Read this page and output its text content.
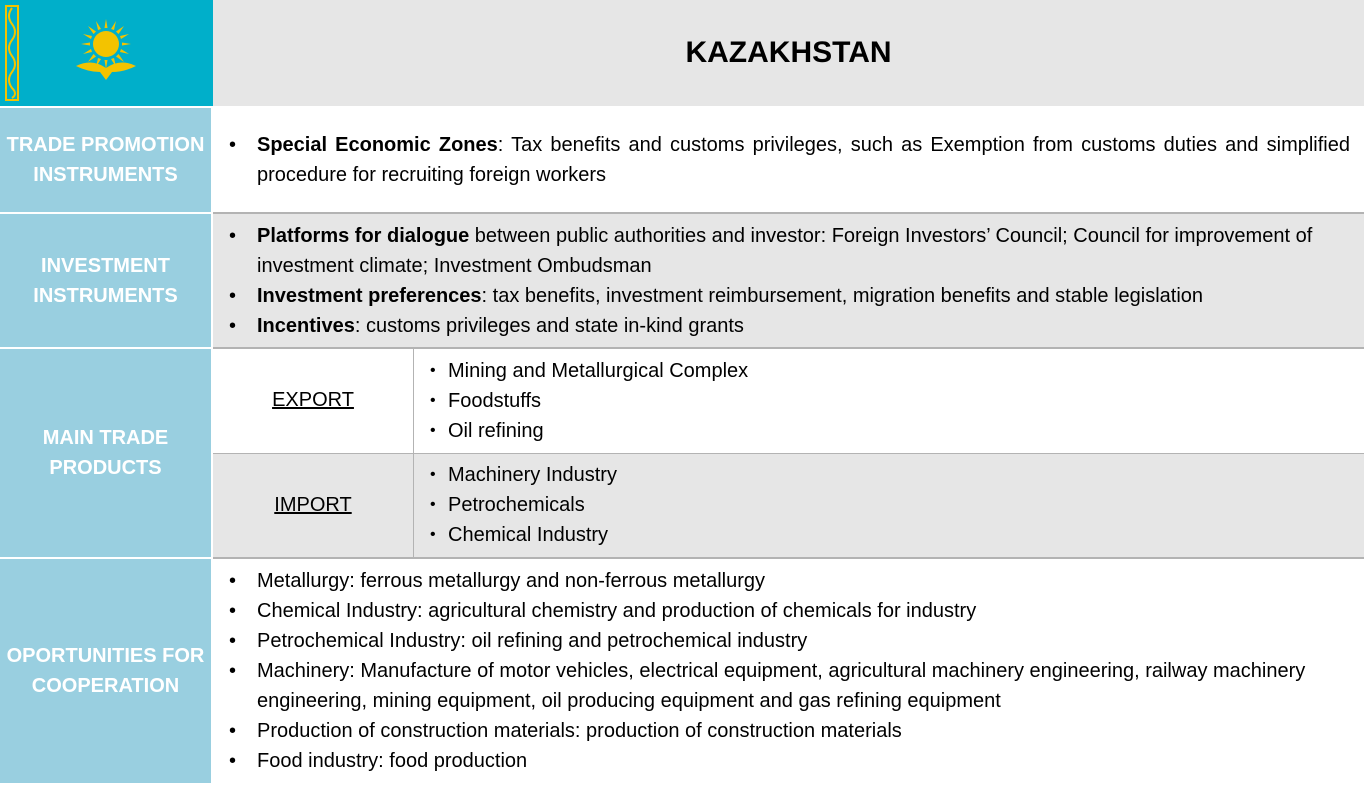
KAZAKHSTAN
TRADE PROMOTION INSTRUMENTS
• Special Economic Zones: Tax benefits and customs privileges, such as Exemption from customs duties and simplified procedure for recruiting foreign workers
INVESTMENT INSTRUMENTS
• Platforms for dialogue between public authorities and investor: Foreign Investors’ Council; Council for improvement of investment climate; Investment Ombudsman
• Investment preferences: tax benefits, investment reimbursement, migration benefits and stable legislation
• Incentives: customs privileges and state in-kind grants
MAIN TRADE PRODUCTS
EXPORT
• Mining and Metallurgical Complex
• Foodstuffs
• Oil refining
IMPORT
• Machinery Industry
• Petrochemicals
• Chemical Industry
OPORTUNITIES FOR COOPERATION
• Metallurgy: ferrous metallurgy and non-ferrous metallurgy
• Chemical Industry: agricultural chemistry and production of chemicals for industry
• Petrochemical Industry: oil refining and petrochemical industry
• Machinery: Manufacture of motor vehicles, electrical equipment, agricultural machinery engineering, railway machinery engineering, mining equipment, oil producing equipment and gas refining equipment
• Production of construction materials: production of construction materials
• Food industry: food production
